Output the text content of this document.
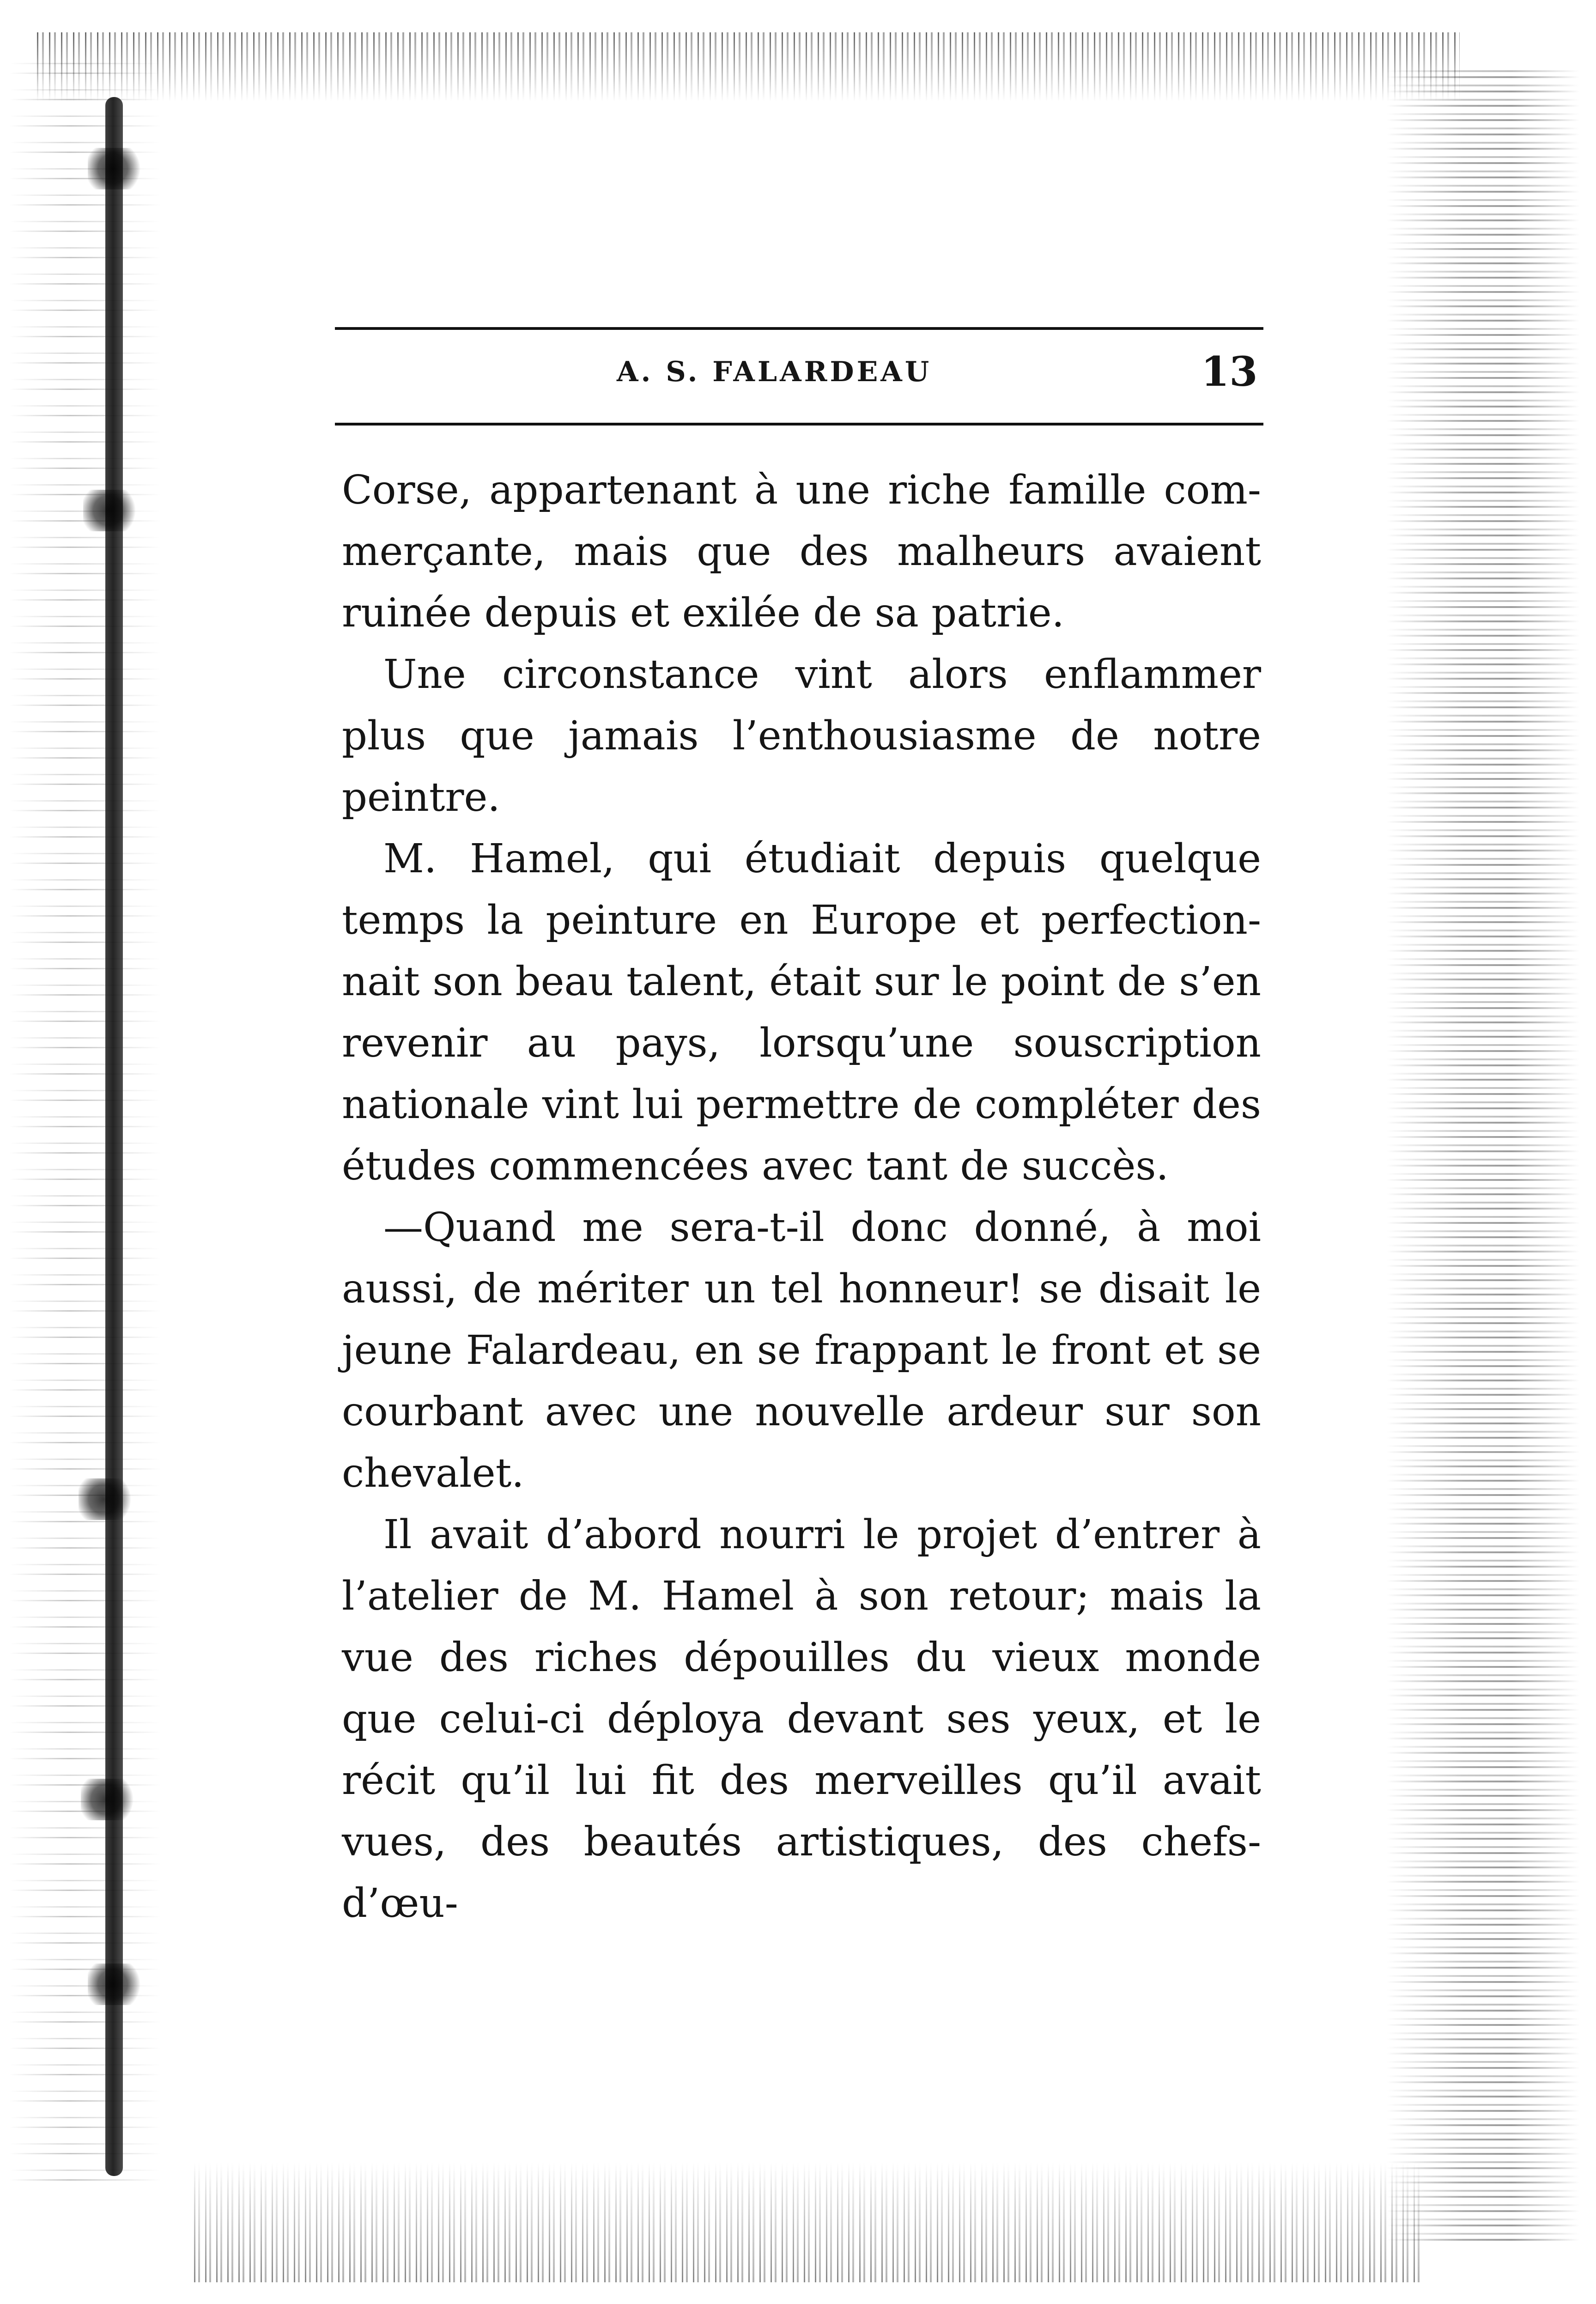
A. S. FALARDEAU	13

Corse, appartenant à une riche famille com-merçante, mais que des malheurs avaient ruinée depuis et exilée de sa patrie.

Une circonstance vint alors enflammer plus que jamais l’enthousiasme de notre peintre.

M. Hamel, qui étudiait depuis quelque temps la peinture en Europe et perfection-nait son beau talent, était sur le point de s’en revenir au pays, lorsqu’une souscription nationale vint lui permettre de compléter des études commencées avec tant de succès.

—Quand me sera-t-il donc donné, à moi aussi, de mériter un tel honneur! se disait le jeune Falardeau, en se frappant le front et se courbant avec une nouvelle ardeur sur son chevalet.

Il avait d’abord nourri le projet d’entrer à l’atelier de M. Hamel à son retour; mais la vue des riches dépouilles du vieux monde que celui-ci déploya devant ses yeux, et le récit qu’il lui fit des merveilles qu’il avait vues, des beautés artistiques, des chefs-d’œu-
